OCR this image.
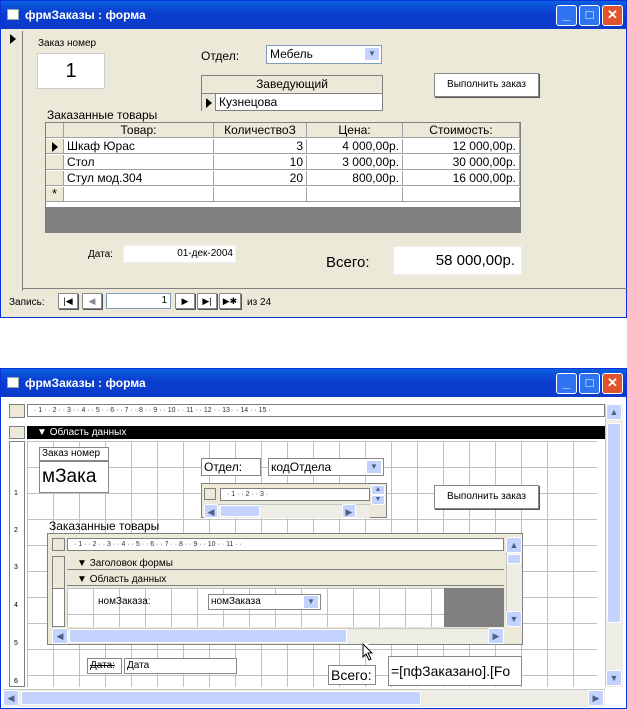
фрмЗаказы : форма	_	□	✕
Заказ номер
1
Отдел:	Мебель	▼
Заведующий
Кузнецова
Выполнить заказ
Заказанные товары
Товар:	КоличествоЗ	Цена:	Стоимость:
Шкаф Юрас	3	4 000,00р.	12 000,00р.
Стол	10	3 000,00р.	30 000,00р.
Стул мод.304	20	800,00р.	16 000,00р.
*
Дата:	01-дек-2004
Всего:	58 000,00р.
Запись:	|◀	◀	1	▶	▶|	▶✱ из 24
фрмЗаказы : форма	_	□	✕
· 1 · · 2 · · 3 · · 4 · · 5 · · 6 · · 7 · · 8 · · 9 · · 10 · · 11 · · 12 · · 13 · · 14 · · 15 ·
▼ Область данных
1
2
3
4
5
6
Заказ номер
мЗака	Отдел:	кодОтдела	▼
· 1 · · 2 · · 3 ·
▲
▼
◀	▶
Выполнить заказ
Заказанные товары
· 1 · · 2 · · 3 · · 4 · · 5 · · 6 · · 7 · · 8 · · 9 · · 10 · · 11 · ·
▼ Заголовок формы
▼ Область данных
номЗаказа:	номЗаказа	▼
▲
▼
◀	▶
Дата:	Дата
Всего:	=[пфЗаказано].[Fo
▲
▼
◀	▶
